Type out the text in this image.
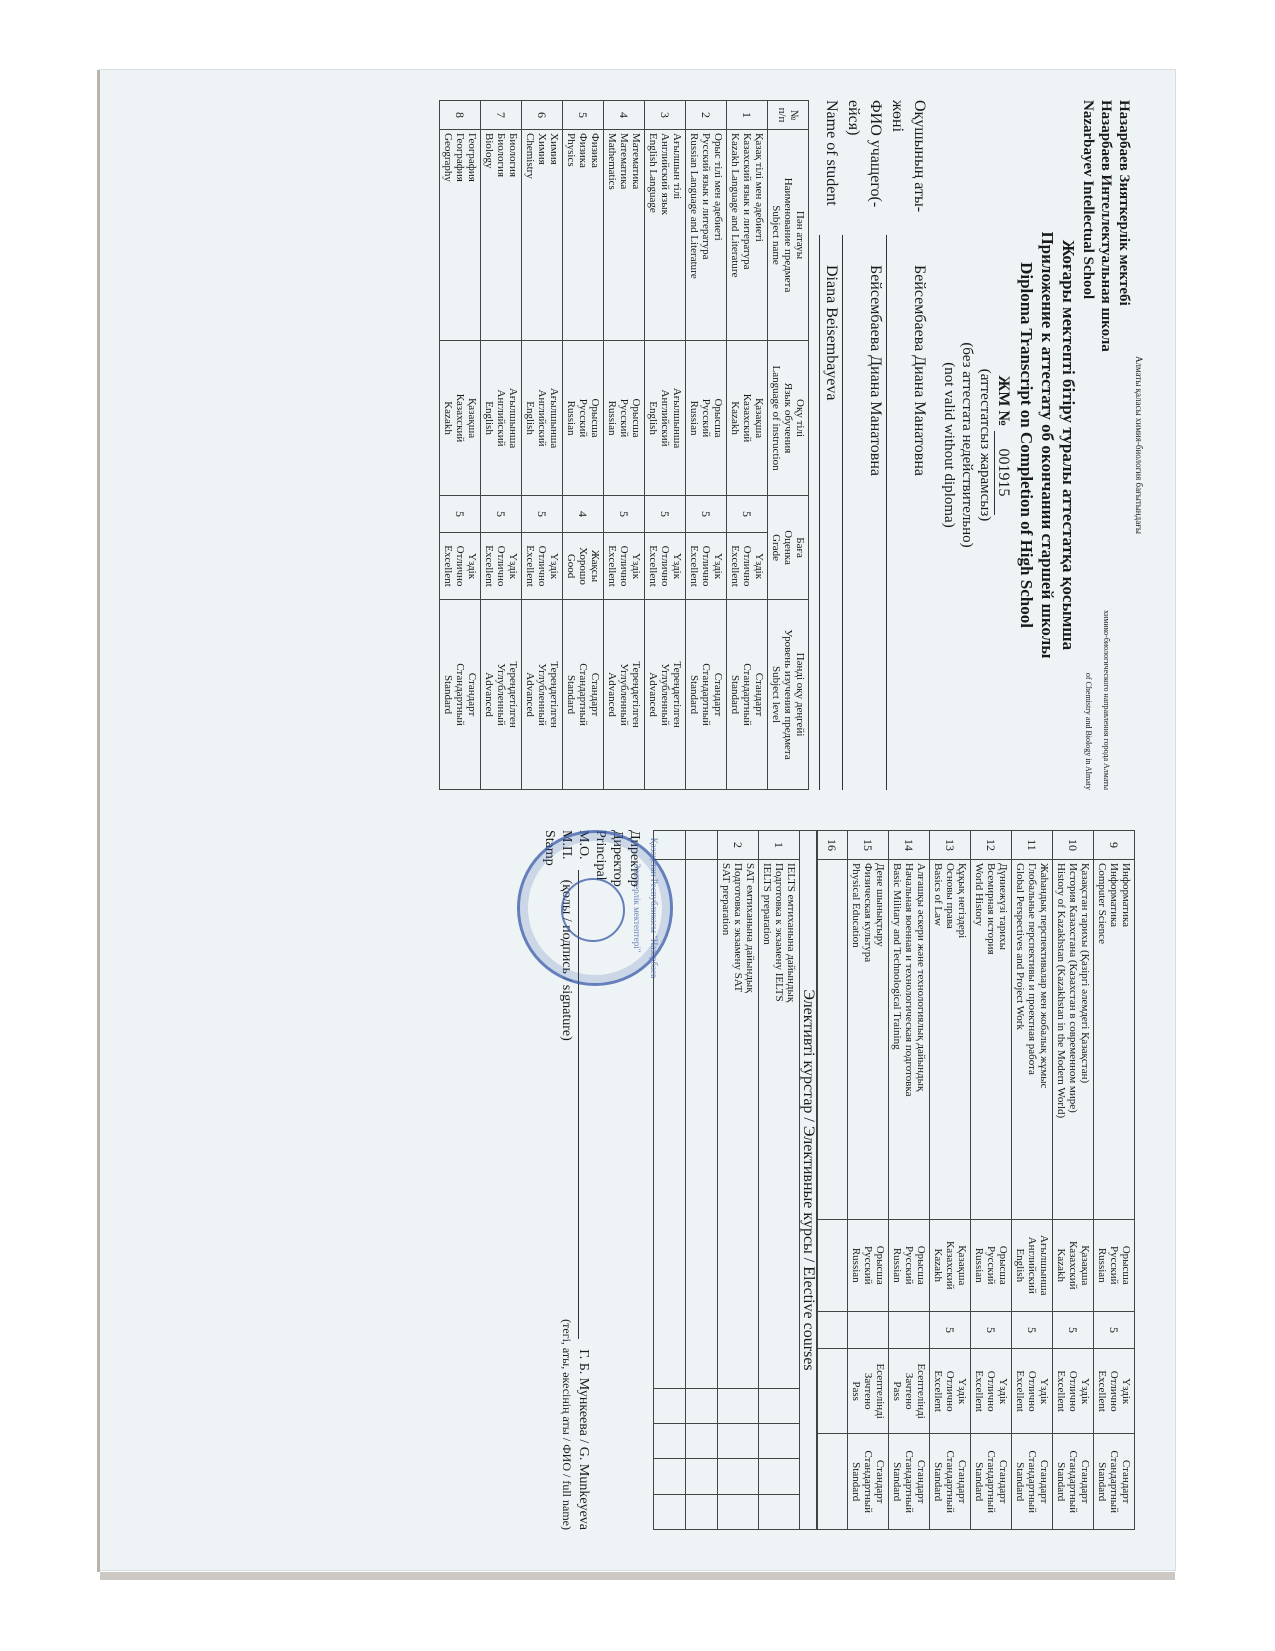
Алматы қаласы химия-биология бағытындағы

Назарбаев Зияткерлік мектебі
Назарбаев Интеллектуальная школа
химико-биологического направления города Алматы
Nazarbayev Intellectual School
of Chemistry and Biology in Almaty

Жоғары мектепті бітіру туралы аттестатқа қосымша

Приложение к аттестату об окончании старшей школы

Diploma Transcript on Completion of High School

ЖМ № 001915
(аттестатсыз жарамсыз)
(без аттестата недействительно)
(not valid without diploma)
Оқушының аты-жөні
Бейсембаева Диана Манатовна
ФИО учащего(-ейся)
Бейсембаева Диана Манатовна
Name of student
Diana Beisembayeva
№ п/п	Пән атауы
Наименование предмета
Subject name	Оқу тілі
Язык обучения
Language of instruction	Баға
Оценка
Grade		Пәнді оқу деңгейі
Уровень изучения предмета
Subject level
1	Қазақ тілі мен әдебиеті
Казахский язык и литература
Kazakh Language and Literature	Қазақша
Казахский
Kazakh	5	Үздік
Отлично
Excellent	Стандарт
Стандартный
Standard
2	Орыс тілі мен әдебиеті
Русский язык и литература
Russian Language and Literature	Орысша
Русский
Russian	5	Үздік
Отлично
Excellent	Стандарт
Стандартный
Standard
3	Ағылшын тілі
Английский язык
English Language	Ағылшынша
Английский
English	5	Үздік
Отлично
Excellent	Тереңдетілген
Углубленный
Advanced
4	Математика
Математика
Mathematics	Орысша
Русский
Russian	5	Үздік
Отлично
Excellent	Тереңдетілген
Углубленный
Advanced
5	Физика
Физика
Physics	Орысша
Русский
Russian	4	Жақсы
Хорошо
Good	Стандарт
Стандартный
Standard
6	Химия
Химия
Chemistry	Ағылшынша
Английский
English	5	Үздік
Отлично
Excellent	Тереңдетілген
Углубленный
Advanced
7	Биология
Биология
Biology	Ағылшынша
Английский
English	5	Үздік
Отлично
Excellent	Тереңдетілген
Углубленный
Advanced
8	География
География
Geography	Қазақша
Казахский
Kazakh	5	Үздік
Отлично
Excellent	Стандарт
Стандартный
Standard
9	Информатика
Информатика
Computer Science	Орысша
Русский
Russian	5	Үздік
Отлично
Excellent	Стандарт
Стандартный
Standard
10	Қазақстан тарихы (Қазіргі әлемдегі Қазақстан)
История Казахстана (Казахстан в современном мире)
History of Kazakhstan (Kazakhstan in the Modern World)	Қазақша
Казахский
Kazakh	5	Үздік
Отлично
Excellent	Стандарт
Стандартный
Standard
11	Жаһандық перспективалар мен жобалық жұмыс
Глобальные перспективы и проектная работа
Global Perspectives and Project Work	Ағылшынша
Английский
English	5	Үздік
Отлично
Excellent	Стандарт
Стандартный
Standard
12	Дүниежүзі тарихы
Всемирная история
World History	Орысша
Русский
Russian	5	Үздік
Отлично
Excellent	Стандарт
Стандартный
Standard
13	Құқық негіздері
Основы права
Basics of Law	Қазақша
Казахский
Kazakh	5	Үздік
Отлично
Excellent	Стандарт
Стандартный
Standard
14	Алғашқы әскери және технологиялық дайындық
Начальная военная и технологическая подготовка
Basic Military and Technological Training	Орысша
Русский
Russian		Есептелінді
Зачтено
Pass	Стандарт
Стандартный
Standard
15	Дене шынықтыру
Физическая культура
Physical Education	Орысша
Русский
Russian		Есептелінді
Зачтено
Pass	Стандарт
Стандартный
Standard
16					
Элективті курстар / Элективные курсы / Elective courses					
1	IELTS емтиханына дайындық
Подготовка к экзамену IELTS
IELTS preparation				
2	SAT емтиханына дайындық
Подготовка к экзамену SAT
SAT preparation				

Директор
Директор
Principal
М.О.
Г. Б. Мункеева / G. Munkeyeva
М.П.
(қолы / подпись / signature)
(тегі, аты, әкесінің аты / ФИО / full name)
Stamp	Қазақстан Республикасы "Назарбаев Зияткерлік мектептері"
